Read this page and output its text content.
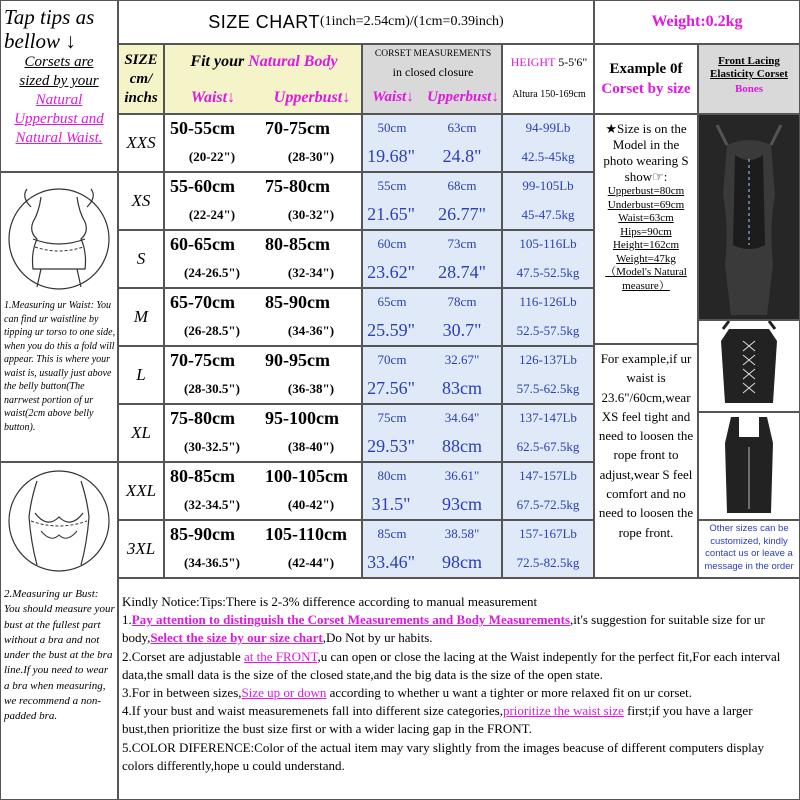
Tap tips as bellow ↓
Corsets are
sized by your
Natural
Upperbust and
Natural Waist.
1.Measuring ur Waist: You can find ur waistline by tipping ur torso to one side, when you do this a fold will appear. This is where your waist is, usually just above the belly button(The narrwest portion of ur waist(2cm above belly button).
2.Measuring ur Bust: You should measure your bust at the fullest part without a bra and not under the bust at the bra line.If you need to wear a bra when measuring, we recommend a non-padded bra.
SIZE CHART (1inch=2.54cm)/(1cm=0.39inch)	Weight:0.2kg
SIZE
cm/
inchs
Fit your Natural Body
Waist↓	Upperbust↓
CORSET MEASUREMENTS
in closed closure
Waist↓ Upperbust↓
HEIGHT 5-5'6"
Altura 150-169cm
Example 0f
Corset by size
Front Lacing Elasticity Corset
Bones
XXS
50-55cm	70-75cm
(20-22")	(28-30")
50cm	63cm
19.68"	24.8"
94-99Lb
42.5-45kg
XS
55-60cm	75-80cm
(22-24")	(30-32")
55cm	68cm
21.65"	26.77"
99-105Lb
45-47.5kg
S
60-65cm	80-85cm
(24-26.5")	(32-34")
60cm	73cm
23.62"	28.74"
105-116Lb
47.5-52.5kg
M
65-70cm	85-90cm
(26-28.5")	(34-36")
65cm	78cm
25.59"	30.7"
116-126Lb
52.5-57.5kg
L
70-75cm	90-95cm
(28-30.5")	(36-38")
70cm	32.67"
27.56"	83cm
126-137Lb
57.5-62.5kg
XL
75-80cm	95-100cm
(30-32.5")	(38-40")
75cm	34.64"
29.53"	88cm
137-147Lb
62.5-67.5kg
XXL
80-85cm	100-105cm
(32-34.5")	(40-42")
80cm	36.61"
31.5"	93cm
147-157Lb
67.5-72.5kg
3XL
85-90cm	105-110cm
(34-36.5")	(42-44")
85cm	38.58"
33.46"	98cm
157-167Lb
72.5-82.5kg
★Size is on the Model in the photo wearing S show☞:
Upperbust=80cm
Underbust=69cm
Waist=63cm
Hips=90cm
Height=162cm
Weight=47kg
（Model's Natural measure）
For example,if ur waist is 23.6"/60cm,wear XS feel tight and need to loosen the rope front to adjust,wear S feel comfort and no need to loosen the rope front.	Other sizes can be customized, kindly contact us or leave a message in the order
Kindly Notice:Tips:There is 2-3% difference according to manual measurement
1.Pay attention to distinguish the Corset Measurements and Body Measurements,it's suggestion for suitable size for ur body,Select the size by our size chart,Do Not by ur habits.
2.Corset are adjustable at the FRONT,u can open or close the lacing at the Waist indepently for the perfect fit,For each interval data,the small data is the size of the closed state,and the big data is the size of the open state.
3.For in between sizes,Size up or down according to whether u want a tighter or more relaxed fit on ur corset.
4.If your bust and waist measuremenets fall into different size categories,prioritize the waist size first;if you have a larger bust,then prioritize the bust size first or with a wider lacing gap in the FRONT.
5.COLOR DIFERENCE:Color of the actual item may vary slightly from the images beacuse of different computers display colors differently,hope u could understand.
